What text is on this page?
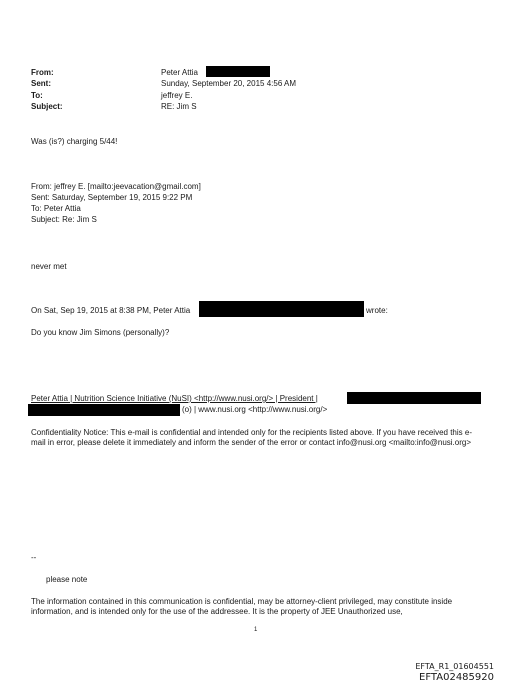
From:	Peter Attia
Sent:	Sunday, September 20, 2015 4:56 AM
To:	jeffrey E.
Subject:	RE: Jim S
Was (is?) charging 5/44!
From: jeffrey E. [mailto:jeevacation@gmail.com]
Sent: Saturday, September 19, 2015 9:22 PM
To: Peter Attia
Subject: Re: Jim S
never met
On Sat, Sep 19, 2015 at 8:38 PM, Peter Attia	wrote:
Do you know Jim Simons (personally)?
Peter Attia | Nutrition Science Initiative (NuSI) <http://www.nusi.org/> | President |
(o) | www.nusi.org <http://www.nusi.org/>
Confidentiality Notice: This e-mail is confidential and intended only for the recipients listed above. If you have received this e-mail in error, please delete it immediately and inform the sender of the error or contact info@nusi.org <mailto:info@nusi.org>
--
please note
The information contained in this communication is confidential, may be attorney-client privileged, may constitute inside information, and is intended only for the use of the addressee. It is the property of JEE Unauthorized use,
1
EFTA_R1_01604551
EFTA02485920
